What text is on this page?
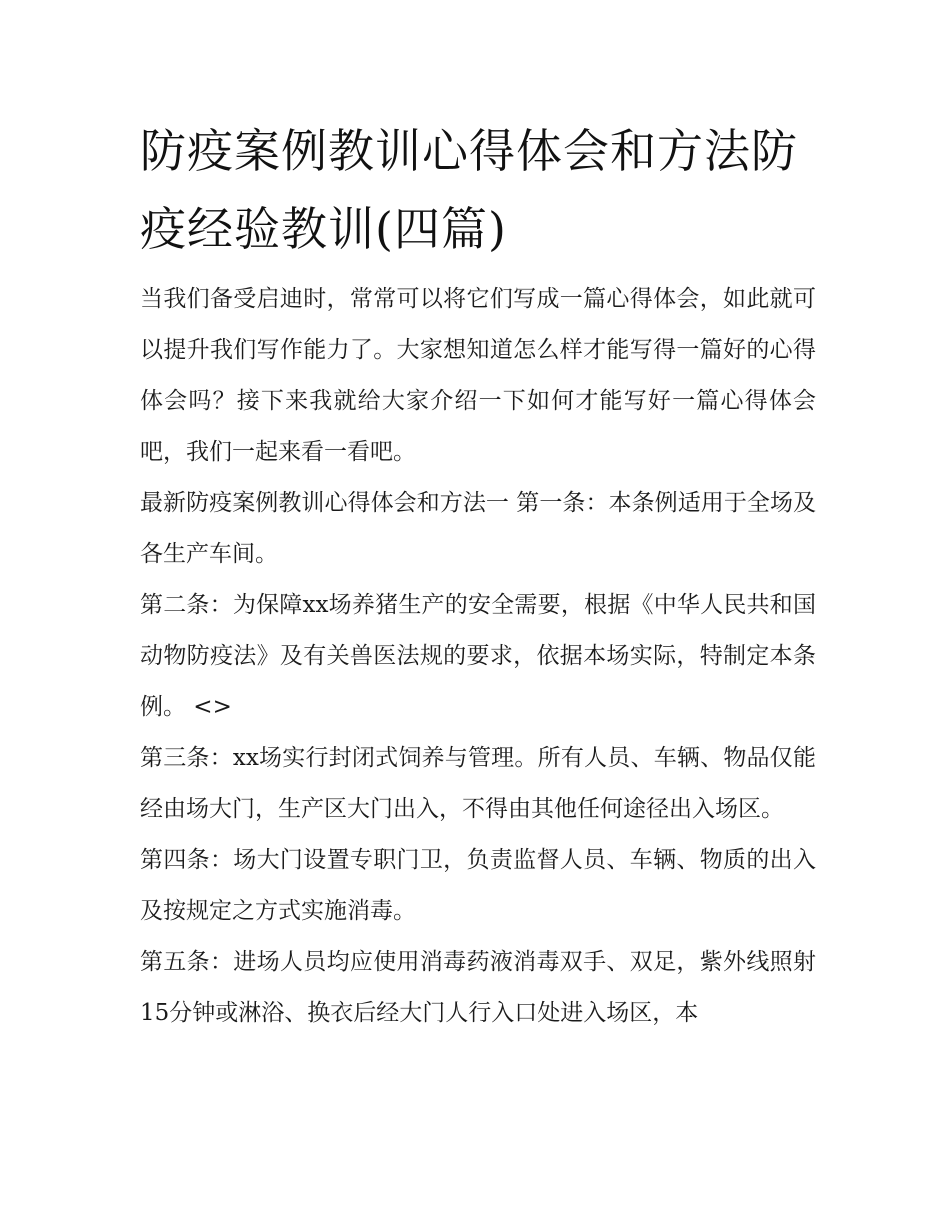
防疫案例教训心得体会和方法防疫经验教训(四篇)

当我们备受启迪时，常常可以将它们写成一篇心得体会，如此就可以提升我们写作能力了。大家想知道怎么样才能写得一篇好的心得体会吗？接下来我就给大家介绍一下如何才能写好一篇心得体会吧，我们一起来看一看吧。

最新防疫案例教训心得体会和方法一 第一条：本条例适用于全场及各生产车间。

第二条：为保障xx场养猪生产的安全需要，根据《中华人民共和国动物防疫法》及有关兽医法规的要求，依据本场实际，特制定本条例。 <>

第三条：xx场实行封闭式饲养与管理。所有人员、车辆、物品仅能经由场大门，生产区大门出入，不得由其他任何途径出入场区。

第四条：场大门设置专职门卫，负责监督人员、车辆、物质的出入及按规定之方式实施消毒。

第五条：进场人员均应使用消毒药液消毒双手、双足，紫外线照射15分钟或淋浴、换衣后经大门人行入口处进入场区，本
